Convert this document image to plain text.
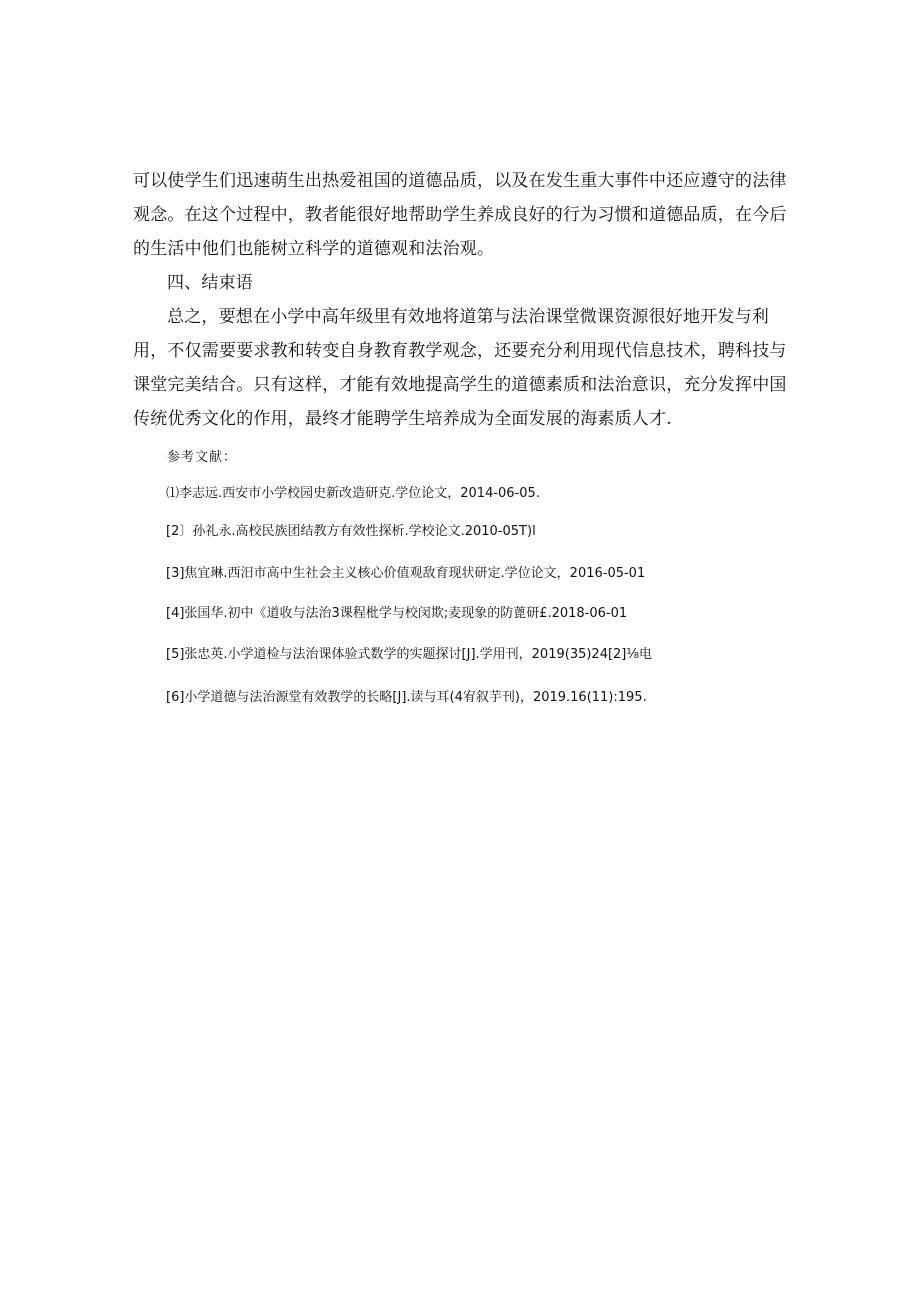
可以使学生们迅速萌生出热爱祖国的道德品质，以及在发生重大事件中还应遵守的法律观念。在这个过程中，教者能很好地帮助学生养成良好的行为习惯和道德品质，在今后的生活中他们也能树立科学的道德观和法治观。

四、结束语

总之，要想在小学中高年级里有效地将道第与法治课堂微课资源很好地开发与利用，不仅需要要求教和转变自身教育教学观念，还要充分利用现代信息技术，聘科技与课堂完美结合。只有这样，才能有效地提高学生的道德素质和法治意识，充分发挥中国传统优秀文化的作用，最终才能聘学生培养成为全面发展的海素质人才.

参考文献：
⑴李志远.西安市小学校园史新改造研克.学位论文，2014-06-05.
[2〕孙礼永.高校民族团结教方有效性探析.学校论文.2010-05T)l
[3]焦宜琳.西汨市高中生社会主义核心价值观敌育现状研定.学位论文，2016-05-01
[4]张国华.初中《道收与法治3课程枇学与校闵欺;麦现象的防蓖研£.2018-06-01
[5]张忠英.小学道检与法治课体验式数学的实题探讨[J].学用刊，2019(35)24[2]⅛电
[6]小学道德与法治源堂有效教学的长略[J].读与耳(4宥叙芋刊)，2019.16(11):195.
